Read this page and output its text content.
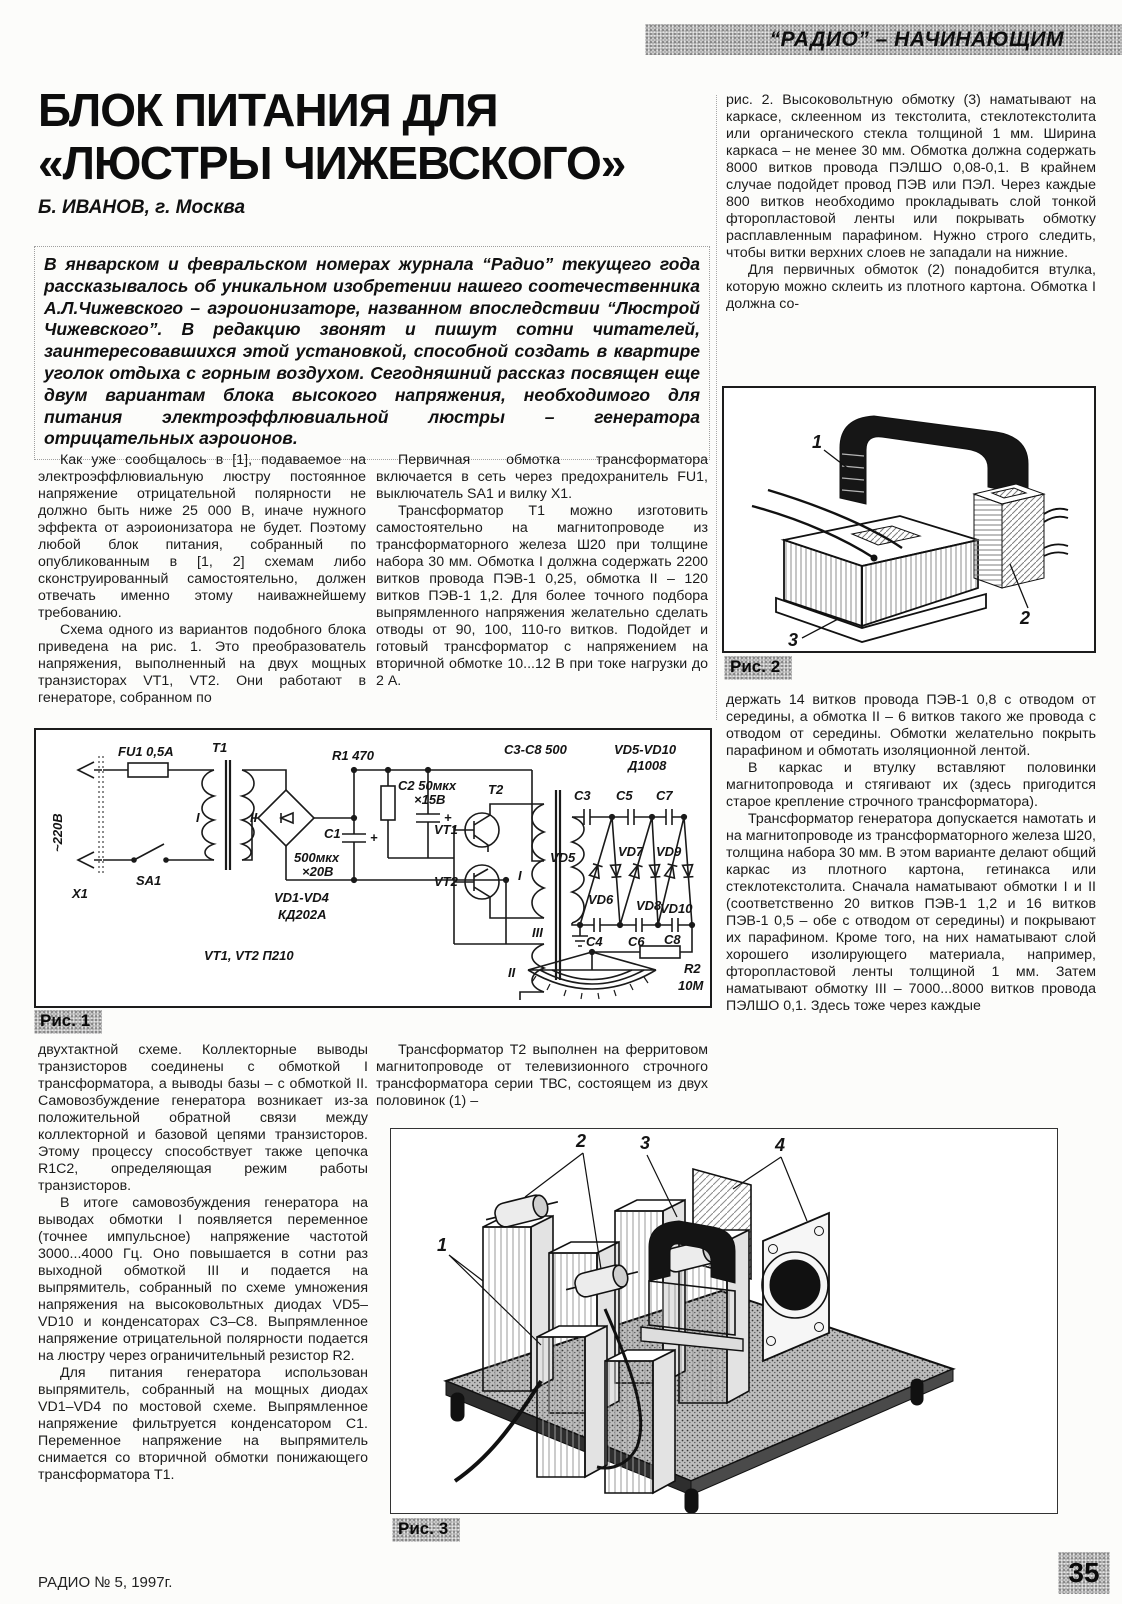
“РАДИО” – НАЧИНАЮЩИМ
БЛОК ПИТАНИЯ ДЛЯ
«ЛЮСТРЫ ЧИЖЕВСКОГО»
Б. ИВАНОВ, г. Москва
В январском и февральском номерах журнала “Радио” текущего года рассказывалось об уникальном изобретении нашего соотечественника А.Л.Чижевского – аэроионизаторе, названном впоследствии “Люстрой Чижевского”. В редакцию звонят и пишут сотни читателей, заинтересовавшихся этой установкой, способной создать в квартире уголок отдыха с горным воздухом. Сегодняшний рассказ посвящен еще двум вариантам блока высокого напряжения, необходимого для питания электроэффлювиальной люстры – генератора отрицательных аэроионов.

Как уже сообщалось в [1], подаваемое на электроэффлювиальную люстру постоянное напряжение отрицательной полярности не должно быть ниже 25 000 В, иначе нужного эффекта от аэроионизатора не будет. Поэтому любой блок питания, собранный по опубликованным в [1, 2] схемам либо сконструированный самостоятельно, должен отвечать именно этому наиважнейшему требованию.

Схема одного из вариантов подобного блока приведена на рис. 1. Это преобразователь напряжения, выполненный на двух мощных транзисторах VT1, VT2. Они работают в генераторе, собранном по

Первичная обмотка трансформатора включается в сеть через предохранитель FU1, выключатель SA1 и вилку X1.

Трансформатор Т1 можно изготовить самостоятельно на магнитопроводе из трансформаторного железа Ш20 при толщине набора 30 мм. Обмотка I должна содержать 2200 витков провода ПЭВ-1 0,25, обмотка II – 120 витков ПЭВ-1 1,2. Для более точного подбора выпрямленного напряжения желательно сделать отводы от 90, 100, 110-го витков. Подойдет и готовый трансформатор с напряжением на вторичной обмотке 10...12 В при токе нагрузки до 2 А.

~220В
X1
SA1
FU1 0,5A	T1
I	II
C1
500мкх
×20В
+
VD1-VD4
КД202А
VT1, VT2 П210
R1 470
C2 50мкх
×15В
+
VT1
VT2
T2
I
II
III
C3-C8 500	VD5-VD10
Д1008
C3 C5 C7
VD5
VD6
VD7
VD8
VD9
VD10
C4 C6 C8
R2
10М
Рис. 1

двухтактной схеме. Коллекторные выводы транзисторов соединены с обмоткой I трансформатора, а выводы базы – с обмоткой II. Самовозбуждение генератора возникает из-за положительной обратной связи между коллекторной и базовой цепями транзисторов. Этому процессу способствует также цепочка R1C2, определяющая режим работы транзисторов.

В итоге самовозбуждения генератора на выводах обмотки I появляется переменное (точнее импульсное) напряжение частотой 3000...4000 Гц. Оно повышается в сотни раз выходной обмоткой III и подается на выпрямитель, собранный по схеме умножения напряжения на высоковольтных диодах VD5–VD10 и конденсаторах C3–C8. Выпрямленное напряжение отрицательной полярности подается на люстру через ограничительный резистор R2.

Для питания генератора использован выпрямитель, собранный на мощных диодах VD1–VD4 по мостовой схеме. Выпрямленное напряжение фильтруется конденсатором С1. Переменное напряжение на выпрямитель снимается со вторичной обмотки понижающего трансформатора Т1.

Трансформатор Т2 выполнен на ферритовом магнитопроводе от телевизионного строчного трансформатора серии ТВС, состоящем из двух половинок (1) –

рис. 2. Высоковольтную обмотку (3) наматывают на каркасе, склеенном из текстолита, стеклотекстолита или органического стекла толщиной 1 мм. Ширина каркаса – не менее 30 мм. Обмотка должна содержать 8000 витков провода ПЭЛШО 0,08-0,1. В крайнем случае подойдет провод ПЭВ или ПЭЛ. Через каждые 800 витков необходимо прокладывать слой тонкой фторопластовой ленты или покрывать обмотку расплавленным парафином. Нужно строго следить, чтобы витки верхних слоев не западали на нижние.

Для первичных обмоток (2) понадобится втулка, которую можно склеить из плотного картона. Обмотка I должна со-

1
2
3
Рис. 2

держать 14 витков провода ПЭВ-1 0,8 с отводом от середины, а обмотка II – 6 витков такого же провода с отводом от середины. Обмотки желательно покрыть парафином и обмотать изоляционной лентой.

В каркас и втулку вставляют половинки магнитопровода и стягивают их (здесь пригодится старое крепление строчного трансформатора).

Трансформатор генератора допускается намотать и на магнитопроводе из трансформаторного железа Ш20, толщина набора 30 мм. В этом варианте делают общий каркас из плотного картона, гетинакса или стеклотекстолита. Сначала наматывают обмотки I и II (соответственно 20 витков ПЭВ-1 1,2 и 16 витков ПЭВ-1 0,5 – обе с отводом от середины) и покрывают их парафином. Кроме того, на них наматывают слой хорошего изолирующего материала, например, фторопластовой ленты толщиной 1 мм. Затем наматывают обмотку III – 7000...8000 витков провода ПЭЛШО 0,1. Здесь тоже через каждые

1
2	3	4
Рис. 3
РАДИО № 5, 1997г.	35
